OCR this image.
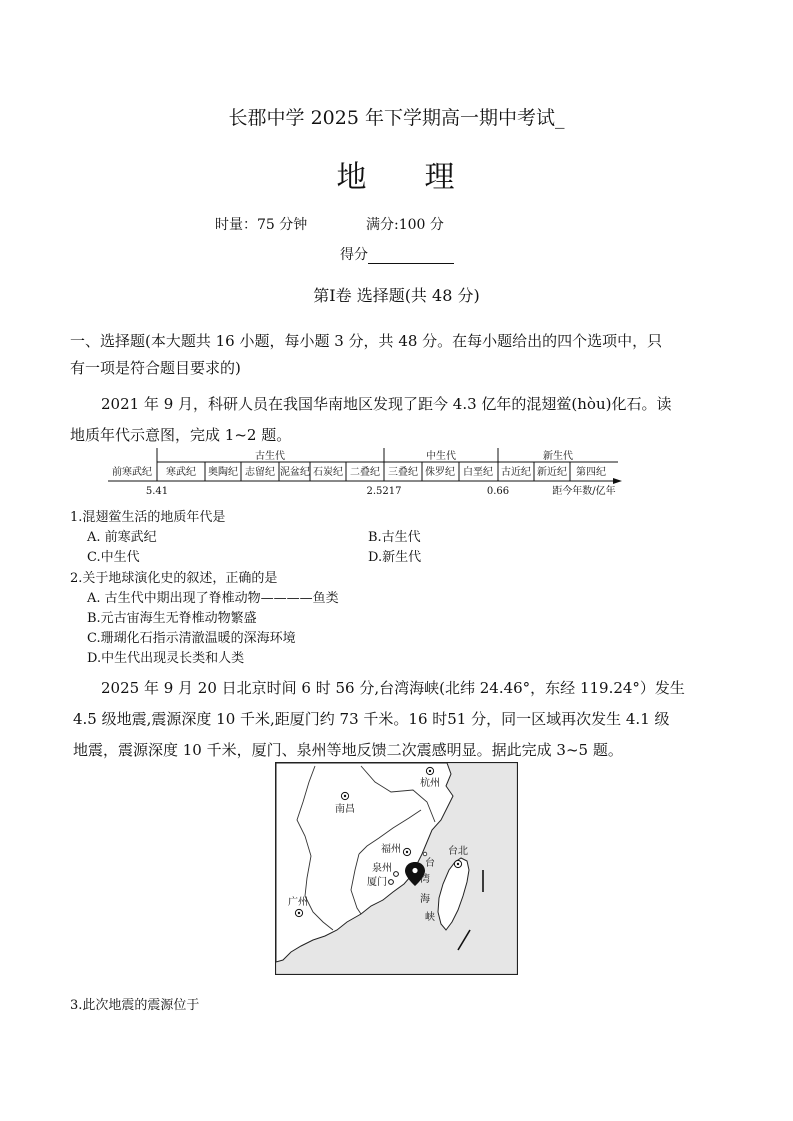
长郡中学 2025 年下学期高一期中考试_
地 理
时量：75 分钟	满分:100 分
得分
第Ⅰ卷 选择题(共 48 分)
一、选择题(本大题共 16 小题，每小题 3 分，共 48 分。在每小题给出的四个选项中，只
有一项是符合题目要求的)
2021 年 9 月，科研人员在我国华南地区发现了距今 4.3 亿年的混翅鲎(hòu)化石。读
地质年代示意图，完成 1~2 题。
古生代	中生代	新生代
前寒武纪 寒武纪 奥陶纪 志留纪 泥盆纪 石炭纪 二叠纪 三叠纪 侏罗纪 白垩纪 古近纪 新近纪 第四纪
5.41	2.5217	0.66	距今年数/亿年
1.混翅鲎生活的地质年代是
A. 前寒武纪	B.古生代
C.中生代	D.新生代
2.关于地球演化史的叙述，正确的是
A. 古生代中期出现了脊椎动物————鱼类
B.元古宙海生无脊椎动物繁盛
C.珊瑚化石指示清澈温暖的深海环境
D.中生代出现灵长类和人类
2025 年 9 月 20 日北京时间 6 时 56 分,台湾海峡(北纬 24.46°，东经 119.24°）发生
4.5 级地震,震源深度 10 千米,距厦门约 73 千米。16 时51 分，同一区域再次发生 4.1 级
地震，震源深度 10 千米，厦门、泉州等地反馈二次震感明显。据此完成 3~5 题。
杭州
南昌
福州
泉州
厦门
台北
广州
台
湾
海
峡
3.此次地震的震源位于
